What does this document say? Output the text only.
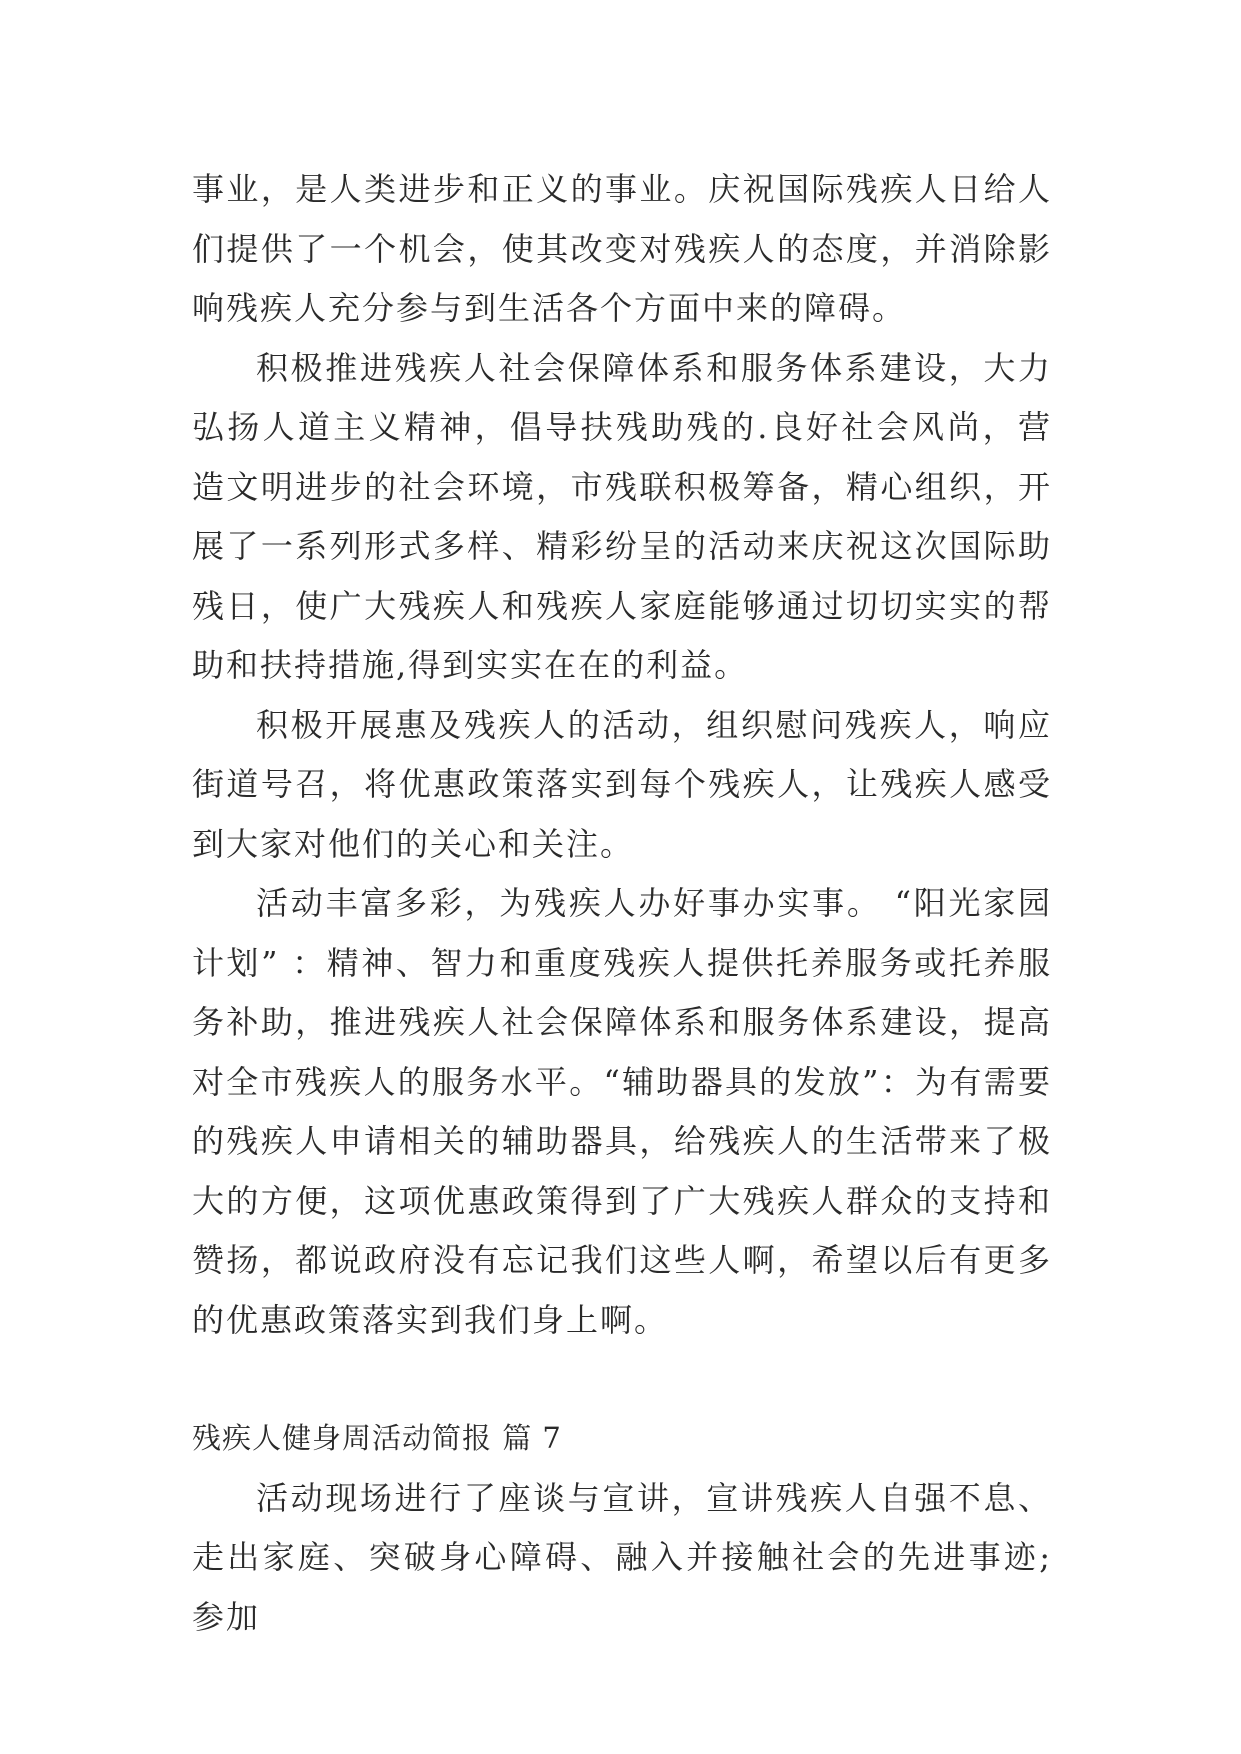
事业，是人类进步和正义的事业。庆祝国际残疾人日给人们提供了一个机会，使其改变对残疾人的态度，并消除影响残疾人充分参与到生活各个方面中来的障碍。

积极推进残疾人社会保障体系和服务体系建设，大力弘扬人道主义精神，倡导扶残助残的.良好社会风尚，营造文明进步的社会环境，市残联积极筹备，精心组织，开展了一系列形式多样、精彩纷呈的活动来庆祝这次国际助残日，使广大残疾人和残疾人家庭能够通过切切实实的帮助和扶持措施,得到实实在在的利益。

积极开展惠及残疾人的活动，组织慰问残疾人，响应街道号召，将优惠政策落实到每个残疾人，让残疾人感受到大家对他们的关心和关注。

活动丰富多彩，为残疾人办好事办实事。 “阳光家园计划” ：精神、智力和重度残疾人提供托养服务或托养服务补助，推进残疾人社会保障体系和服务体系建设，提高对全市残疾人的服务水平。“辅助器具的发放”：为有需要的残疾人申请相关的辅助器具，给残疾人的生活带来了极大的方便，这项优惠政策得到了广大残疾人群众的支持和赞扬，都说政府没有忘记我们这些人啊，希望以后有更多的优惠政策落实到我们身上啊。

残疾人健身周活动简报 篇 7

活动现场进行了座谈与宣讲，宣讲残疾人自强不息、走出家庭、突破身心障碍、融入并接触社会的先进事迹;参加
